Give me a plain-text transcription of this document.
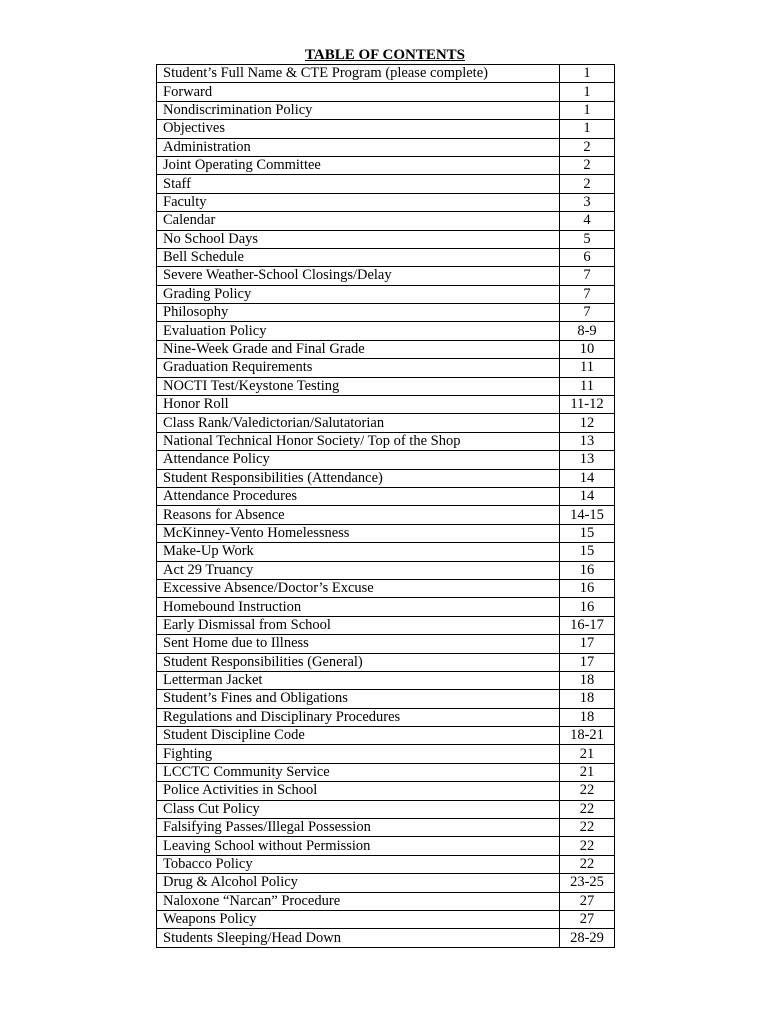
TABLE OF CONTENTS
Student’s Full Name & CTE Program (please complete)	1
Forward	1
Nondiscrimination Policy	1
Objectives	1
Administration	2
Joint Operating Committee	2
Staff	2
Faculty	3
Calendar	4
No School Days	5
Bell Schedule	6
Severe Weather-School Closings/Delay	7
Grading Policy	7
Philosophy	7
Evaluation Policy	8-9
Nine-Week Grade and Final Grade	10
Graduation Requirements	11
NOCTI Test/Keystone Testing	11
Honor Roll	11-12
Class Rank/Valedictorian/Salutatorian	12
National Technical Honor Society/ Top of the Shop	13
Attendance Policy	13
Student Responsibilities (Attendance)	14
Attendance Procedures	14
Reasons for Absence	14-15
McKinney-Vento Homelessness	15
Make-Up Work	15
Act 29 Truancy	16
Excessive Absence/Doctor’s Excuse	16
Homebound Instruction	16
Early Dismissal from School	16-17
Sent Home due to Illness	17
Student Responsibilities (General)	17
Letterman Jacket	18
Student’s Fines and Obligations	18
Regulations and Disciplinary Procedures	18
Student Discipline Code	18-21
Fighting	21
LCCTC Community Service	21
Police Activities in School	22
Class Cut Policy	22
Falsifying Passes/Illegal Possession	22
Leaving School without Permission	22
Tobacco Policy	22
Drug & Alcohol Policy	23-25
Naloxone “Narcan” Procedure	27
Weapons Policy	27
Students Sleeping/Head Down	28-29
